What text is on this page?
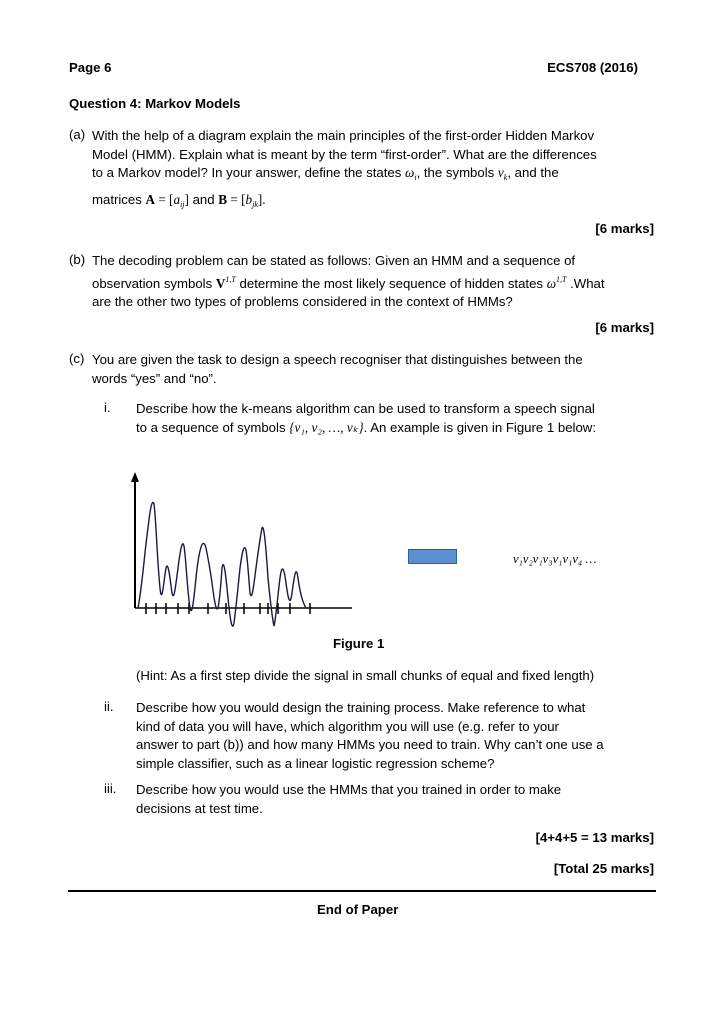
Page 6	ECS708 (2016)
Question 4: Markov Models
(a) With the help of a diagram explain the main principles of the first-order Hidden Markov
Model (HMM). Explain what is meant by the term “first-order”. What are the differences
to a Markov model? In your answer, define the states $\omega_i$, the symbols $v_k$, and the
matrices $A = [a_{ij}]$ and $B = [b_{jk}]$.
[6 marks]
(b) The decoding problem can be stated as follows: Given an HMM and a sequence of
observation symbols $V^{1,T}$ determine the most likely sequence of hidden states $\omega^{1,T}$ .What
are the other two types of problems considered in the context of HMMs?
[6 marks]
(c) You are given the task to design a speech recogniser that distinguishes between the
words “yes” and “no”.
i. Describe how the k-means algorithm can be used to transform a speech signal
to a sequence of symbols {v₁, v₂, …, vₖ}. An example is given in Figure 1 below:
v₁v₂v₁v₃v₁v₁v₄ …
Figure 1
(Hint: As a first step divide the signal in small chunks of equal and fixed length)
ii. Describe how you would design the training process. Make reference to what
kind of data you will have, which algorithm you will use (e.g. refer to your
answer to part (b)) and how many HMMs you need to train. Why can’t one use a
simple classifier, such as a linear logistic regression scheme?
iii. Describe how you would use the HMMs that you trained in order to make
decisions at test time.
[4+4+5 = 13 marks]
[Total 25 marks]
End of Paper
